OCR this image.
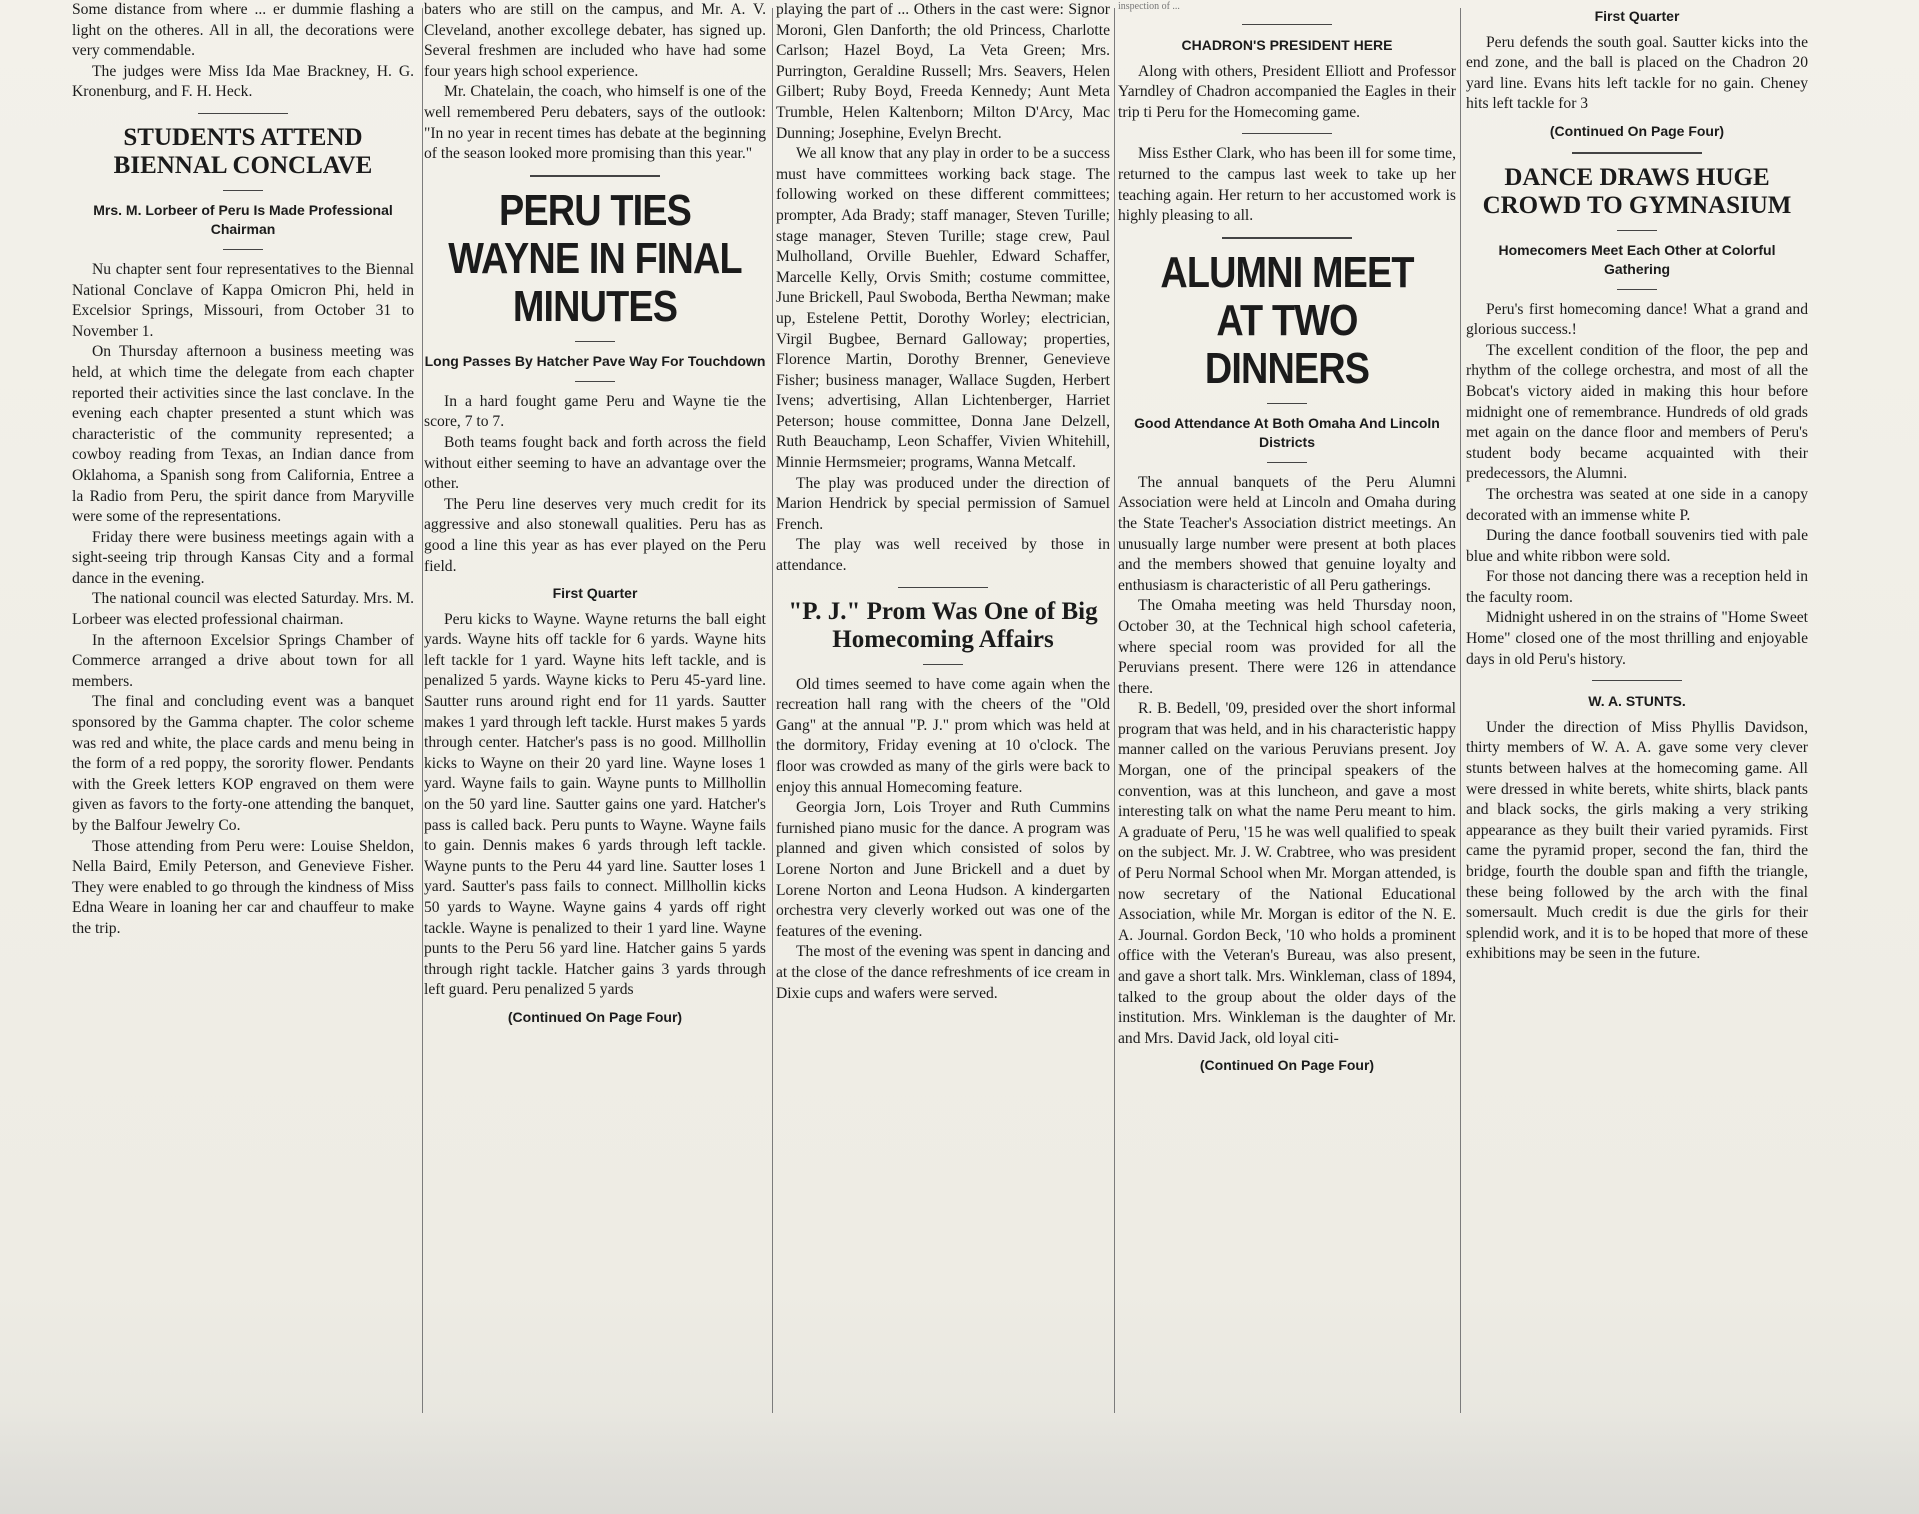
Some distance from where ... er dummie flashing a light on the otheres. All in all, the decorations were very commendable.

The judges were Miss Ida Mae Brackney, H. G. Kronenburg, and F. H. Heck.

STUDENTS ATTEND BIENNAL CONCLAVE
Mrs. M. Lorbeer of Peru Is Made Professional Chairman

Nu chapter sent four representatives to the Biennal National Conclave of Kappa Omicron Phi, held in Excelsior Springs, Missouri, from October 31 to November 1.

On Thursday afternoon a business meeting was held, at which time the delegate from each chapter reported their activities since the last conclave. In the evening each chapter presented a stunt which was characteristic of the community represented; a cowboy reading from Texas, an Indian dance from Oklahoma, a Spanish song from California, Entree a la Radio from Peru, the spirit dance from Maryville were some of the representations.

Friday there were business meetings again with a sight-seeing trip through Kansas City and a formal dance in the evening.

The national council was elected Saturday. Mrs. M. Lorbeer was elected professional chairman.

In the afternoon Excelsior Springs Chamber of Commerce arranged a drive about town for all members.

The final and concluding event was a banquet sponsored by the Gamma chapter. The color scheme was red and white, the place cards and menu being in the form of a red poppy, the sorority flower. Pendants with the Greek letters KOP engraved on them were given as favors to the forty-one attending the banquet, by the Balfour Jewelry Co.

Those attending from Peru were: Louise Sheldon, Nella Baird, Emily Peterson, and Genevieve Fisher. They were enabled to go through the kindness of Miss Edna Weare in loaning her car and chauffeur to make the trip.

baters who are still on the campus, and Mr. A. V. Cleveland, another excollege debater, has signed up. Several freshmen are included who have had some four years high school experience.

Mr. Chatelain, the coach, who himself is one of the well remembered Peru debaters, says of the outlook: "In no year in recent times has debate at the beginning of the season looked more promising than this year."

PERU TIES WAYNE IN FINAL MINUTES
Long Passes By Hatcher Pave Way For Touchdown

In a hard fought game Peru and Wayne tie the score, 7 to 7.

Both teams fought back and forth across the field without either seeming to have an advantage over the other.

The Peru line deserves very much credit for its aggressive and also stonewall qualities. Peru has as good a line this year as has ever played on the Peru field.

First Quarter

Peru kicks to Wayne. Wayne returns the ball eight yards. Wayne hits off tackle for 6 yards. Wayne hits left tackle for 1 yard. Wayne hits left tackle, and is penalized 5 yards. Wayne kicks to Peru 45-yard line. Sautter runs around right end for 11 yards. Sautter makes 1 yard through left tackle. Hurst makes 5 yards through center. Hatcher's pass is no good. Millhollin kicks to Wayne on their 20 yard line. Wayne loses 1 yard. Wayne fails to gain. Wayne punts to Millhollin on the 50 yard line. Sautter gains one yard. Hatcher's pass is called back. Peru punts to Wayne. Wayne fails to gain. Dennis makes 6 yards through left tackle. Wayne punts to the Peru 44 yard line. Sautter loses 1 yard. Sautter's pass fails to connect. Millhollin kicks 50 yards to Wayne. Wayne gains 4 yards off right tackle. Wayne is penalized to their 1 yard line. Wayne punts to the Peru 56 yard line. Hatcher gains 5 yards through right tackle. Hatcher gains 3 yards through left guard. Peru penalized 5 yards

(Continued On Page Four)

playing the part of ... Others in the cast were: Signor Moroni, Glen Danforth; the old Princess, Charlotte Carlson; Hazel Boyd, La Veta Green; Mrs. Purrington, Geraldine Russell; Mrs. Seavers, Helen Gilbert; Ruby Boyd, Freeda Kennedy; Aunt Meta Trumble, Helen Kaltenborn; Milton D'Arcy, Mac Dunning; Josephine, Evelyn Brecht.

We all know that any play in order to be a success must have committees working back stage. The following worked on these different committees; prompter, Ada Brady; staff manager, Steven Turille; stage manager, Steven Turille; stage crew, Paul Mulholland, Orville Buehler, Edward Schaffer, Marcelle Kelly, Orvis Smith; costume committee, June Brickell, Paul Swoboda, Bertha Newman; make up, Estelene Pettit, Dorothy Worley; electrician, Virgil Bugbee, Bernard Galloway; properties, Florence Martin, Dorothy Brenner, Genevieve Fisher; business manager, Wallace Sugden, Herbert Ivens; advertising, Allan Lichtenberger, Harriet Peterson; house committee, Donna Jane Delzell, Ruth Beauchamp, Leon Schaffer, Vivien Whitehill, Minnie Hermsmeier; programs, Wanna Metcalf.

The play was produced under the direction of Marion Hendrick by special permission of Samuel French.

The play was well received by those in attendance.

"P. J." Prom Was One of Big Homecoming Affairs

Old times seemed to have come again when the recreation hall rang with the cheers of the "Old Gang" at the annual "P. J." prom which was held at the dormitory, Friday evening at 10 o'clock. The floor was crowded as many of the girls were back to enjoy this annual Homecoming feature.

Georgia Jorn, Lois Troyer and Ruth Cummins furnished piano music for the dance. A program was planned and given which consisted of solos by Lorene Norton and June Brickell and a duet by Lorene Norton and Leona Hudson. A kindergarten orchestra very cleverly worked out was one of the features of the evening.

The most of the evening was spent in dancing and at the close of the dance refreshments of ice cream in Dixie cups and wafers were served.

inspection of ...

CHADRON'S PRESIDENT HERE

Along with others, President Elliott and Professor Yarndley of Chadron accompanied the Eagles in their trip ti Peru for the Homecoming game.

Miss Esther Clark, who has been ill for some time, returned to the campus last week to take up her teaching again. Her return to her accustomed work is highly pleasing to all.

ALUMNI MEET AT TWO DINNERS
Good Attendance At Both Omaha And Lincoln Districts

The annual banquets of the Peru Alumni Association were held at Lincoln and Omaha during the State Teacher's Association district meetings. An unusually large number were present at both places and the members showed that genuine loyalty and enthusiasm is characteristic of all Peru gatherings.

The Omaha meeting was held Thursday noon, October 30, at the Technical high school cafeteria, where special room was provided for all the Peruvians present. There were 126 in attendance there.

R. B. Bedell, '09, presided over the short informal program that was held, and in his characteristic happy manner called on the various Peruvians present. Joy Morgan, one of the principal speakers of the convention, was at this luncheon, and gave a most interesting talk on what the name Peru meant to him. A graduate of Peru, '15 he was well qualified to speak on the subject. Mr. J. W. Crabtree, who was president of Peru Normal School when Mr. Morgan attended, is now secretary of the National Educational Association, while Mr. Morgan is editor of the N. E. A. Journal. Gordon Beck, '10 who holds a prominent office with the Veteran's Bureau, was also present, and gave a short talk. Mrs. Winkleman, class of 1894, talked to the group about the older days of the institution. Mrs. Winkleman is the daughter of Mr. and Mrs. David Jack, old loyal citi-

(Continued On Page Four)
First Quarter

Peru defends the south goal. Sautter kicks into the end zone, and the ball is placed on the Chadron 20 yard line. Evans hits left tackle for no gain. Cheney hits left tackle for 3

(Continued On Page Four)
DANCE DRAWS HUGE CROWD TO GYMNASIUM
Homecomers Meet Each Other at Colorful Gathering

Peru's first homecoming dance! What a grand and glorious success.!

The excellent condition of the floor, the pep and rhythm of the college orchestra, and most of all the Bobcat's victory aided in making this hour before midnight one of remembrance. Hundreds of old grads met again on the dance floor and members of Peru's student body became acquainted with their predecessors, the Alumni.

The orchestra was seated at one side in a canopy decorated with an immense white P.

During the dance football souvenirs tied with pale blue and white ribbon were sold.

For those not dancing there was a reception held in the faculty room.

Midnight ushered in on the strains of "Home Sweet Home" closed one of the most thrilling and enjoyable days in old Peru's history.

W. A. STUNTS.

Under the direction of Miss Phyllis Davidson, thirty members of W. A. A. gave some very clever stunts between halves at the homecoming game. All were dressed in white berets, white shirts, black pants and black socks, the girls making a very striking appearance as they built their varied pyramids. First came the pyramid proper, second the fan, third the bridge, fourth the double span and fifth the triangle, these being followed by the arch with the final somersault. Much credit is due the girls for their splendid work, and it is to be hoped that more of these exhibitions may be seen in the future.
